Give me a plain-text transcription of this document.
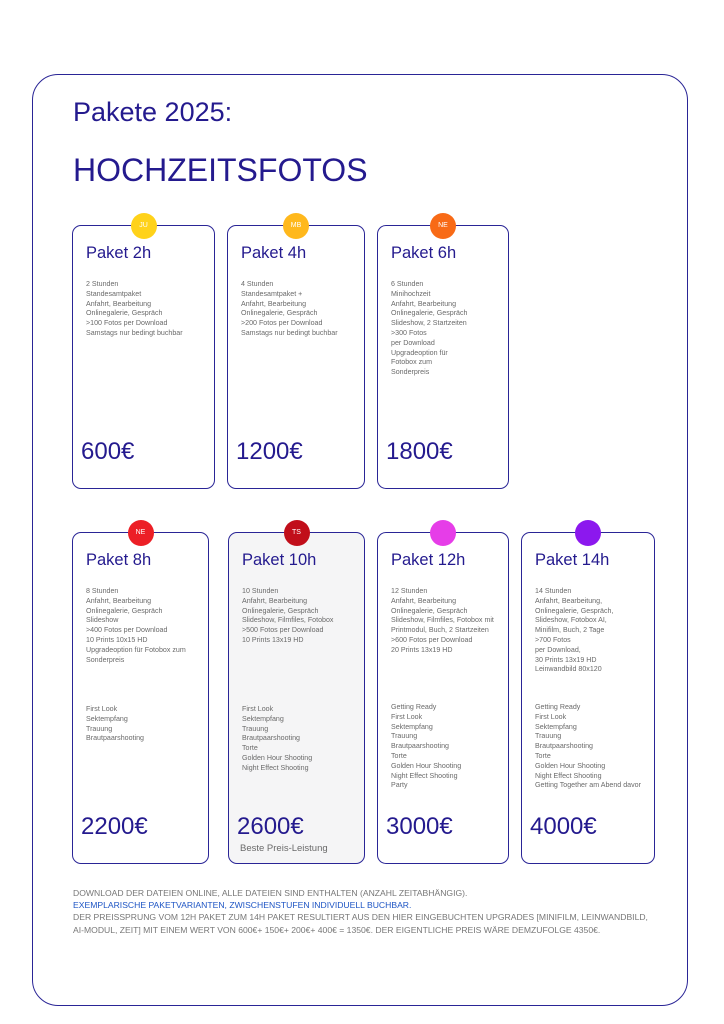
Pakete 2025:
HOCHZEITSFOTOS
JU
Paket 2h
2 Stunden
Standesamtpaket
Anfahrt, Bearbeitung
Onlinegalerie, Gespräch
>100 Fotos per Download
Samstags nur bedingt buchbar
600€
MB
Paket 4h
4 Stunden
Standesamtpaket +
Anfahrt, Bearbeitung
Onlinegalerie, Gespräch
>200 Fotos per Download
Samstags nur bedingt buchbar
1200€
NE
Paket 6h
6 Stunden
Minihochzeit
Anfahrt, Bearbeitung
Onlinegalerie, Gespräch
Slideshow, 2 Startzeiten
>300 Fotos
per Download
Upgradeoption für
Fotobox zum
Sonderpreis
1800€
NE
Paket 8h
8 Stunden
Anfahrt, Bearbeitung
Onlinegalerie, Gespräch
Slideshow
>400 Fotos per Download
10 Prints 10x15 HD
Upgradeoption für Fotobox zum
Sonderpreis
First Look
Sektempfang
Trauung
Brautpaarshooting
2200€
TS
Paket 10h
10 Stunden
Anfahrt, Bearbeitung
Onlinegalerie, Gespräch
Slideshow, Filmfiles, Fotobox
>500 Fotos per Download
10 Prints 13x19 HD
First Look
Sektempfang
Trauung
Brautpaarshooting
Torte
Golden Hour Shooting
Night Effect Shooting
2600€
Beste Preis-Leistung
Paket 12h
12 Stunden
Anfahrt, Bearbeitung
Onlinegalerie, Gespräch
Slideshow, Filmfiles, Fotobox mit
Printmodul, Buch, 2 Startzeiten
>600 Fotos per Download
20 Prints 13x19 HD
Getting Ready
First Look
Sektempfang
Trauung
Brautpaarshooting
Torte
Golden Hour Shooting
Night Effect Shooting
Party
3000€
Paket 14h
14 Stunden
Anfahrt, Bearbeitung,
Onlinegalerie, Gespräch,
Slideshow, Fotobox AI,
Minifilm, Buch, 2 Tage
>700 Fotos
per Download,
30 Prints 13x19 HD
Leinwandbild 80x120
Getting Ready
First Look
Sektempfang
Trauung
Brautpaarshooting
Torte
Golden Hour Shooting
Night Effect Shooting
Getting Together am Abend davor
4000€

DOWNLOAD DER DATEIEN ONLINE, ALLE DATEIEN SIND ENTHALTEN (ANZAHL ZEITABHÄNGIG).

EXEMPLARISCHE PAKETVARIANTEN, ZWISCHENSTUFEN INDIVIDUELL BUCHBAR.

DER PREISSPRUNG VOM 12H PAKET ZUM 14H PAKET RESULTIERT AUS DEN HIER EINGEBUCHTEN UPGRADES [MINIFILM, LEINWANDBILD, AI-MODUL, ZEIT] MIT EINEM WERT VON 600€+ 150€+ 200€+ 400€ = 1350€. DER EIGENTLICHE PREIS WÄRE DEMZUFOLGE 4350€.
